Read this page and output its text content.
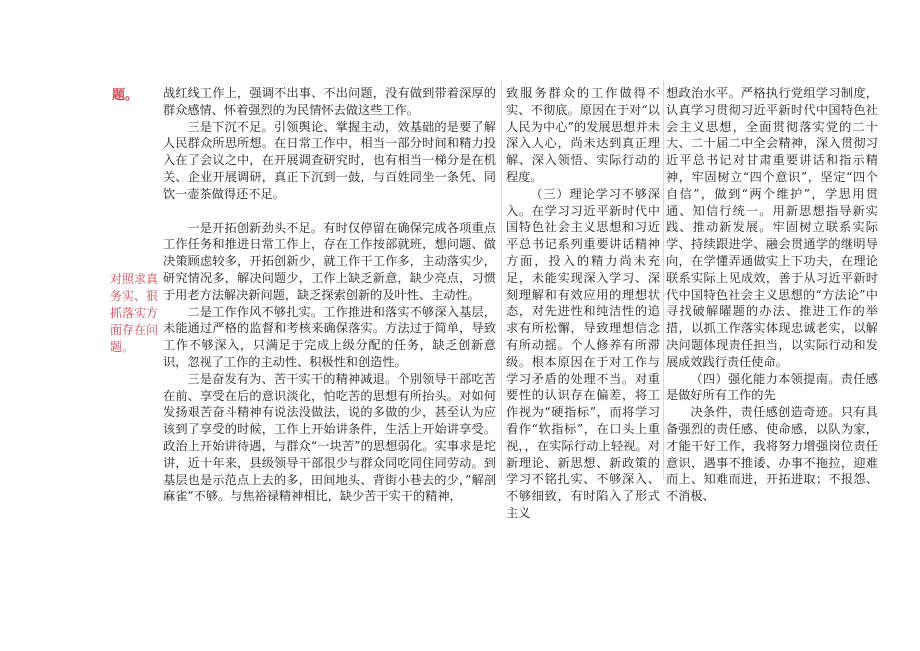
题。
对照求真务实、狠抓落实方面存在问题。

战红线工作上，强调不出事、不出问题，没有做到带着深厚的群众感情、怀着强烈的为民情怀去做这些工作。

三是下沉不足。引领舆论、掌握主动，效基础的是要了解人民群众所思所想。在日常工作中，相当一部分时间和精力投入在了会议之中，在开展调查研究时，也有相当一梯分是在机关、企业开展调研，真正下沉到一鼓，与百姓同坐一条凭、同饮一壶茶做得还不足。

一是开拓创新劲头不足。有时仅停留在确保完成各项重点工作任务和推进日常工作上，存在工作按部就班，想问题、做决策顾虑较多，开拓创新少，就工作干工作多，主动落实少，研究情况多，解决问题少，工作上缺乏新意，缺少亮点，习惯于用老方法解决新问题，缺乏探索创新的及叶性、主动性。

二是工作作风不够扎实。工作推进和落实不够深入基层，未能通过严格的监督和考核来确保落实。方法过于简单，导致工作不够深入，只满足于完成上级分配的任务，缺乏创新意识，忽视了工作的主动性、积极性和创造性。

三是奋发有为、苦干实干的精神减退。个别领导干部吃苦在前、享受在后的意识淡化，怕吃苦的思想有所抬头。对如何发扬艰苦奋斗精神有说法没做法，说的多做的少，甚至认为应该到了享受的时候，工作上开始讲条件，生活上开始讲享受。政治上开始讲待遇，与群众“一块苦”的思想弱化。实事求是坨讲，近十年来，县级领导干部很少与群众同吃同住同劳动。到基层也是示范点上去的多，田间地头、背街小巷去的少，”解剖麻雀”不够。与焦裕禄精神相比，缺少苦干实干的精神，

致服务群众的工作做得不实、不彻底。原因在于对“以人民为中心”的发展思想并未深入人心，尚未达到真正理解、深入领悟、实际行动的程度。

（三）理论学习不够深入。在学习习近平新时代中国特色社会主义思想和习近平总书记系列重要讲话精神方面，投入的精力尚未充足，未能实现深入学习、深刻理解和有效应用的理想状态，对先进性和纯洁性的追求有所松懈，导致理想信念有所动摇。个人修养有所滞级。根本原因在于对工作与学习矛盾的处理不当。对重要性的认识存在偏差，将工作视为“硬指标”，而将学习看作“软指标”，在口头上重视，，在实际行动上轻视。对新理论、新思想、新政策的学习不铭扎实、不够深入、不够细致，有时陷入了形式主义

想政治水平。严格执行党组学习制度，认真学习贯彻习近平新时代中国特色社会主义思想，全面贯彻落实党的二十大、二十届二中全会精神，深入贯彻习近平总书记对甘肃重要讲话和指示精神，牢固树立“四个意识”，坚定“四个自信”，做到“两个维护”，学思用贯通、知信行统一。用新思想指导新实践、推动新发展。牢固树立联系实际学、持续跟进学、融会贯通学的继明导向，在学懂弄通做实上下功夫，在理论联系实际上见成效，善于从习近平新时代中国特色社会主义思想的“方法论”中寻找破解曜题的办法、推进工作的举措，以抓工作落实体现忠诚老实，以解决问题体现责任担当，以实际行动和发展成效践行责任使命。

（四）强化能力本领提南。责任感是做好所有工作的先

决条件，责任感创造奇迹。只有具备强烈的责任感、使命感，以队为家，才能干好工作，我将努力增强岗位责任意识，遇事不推诿、办事不拖拉，迎难而上、知难而进，开拓进取；不报怨、不消极、
